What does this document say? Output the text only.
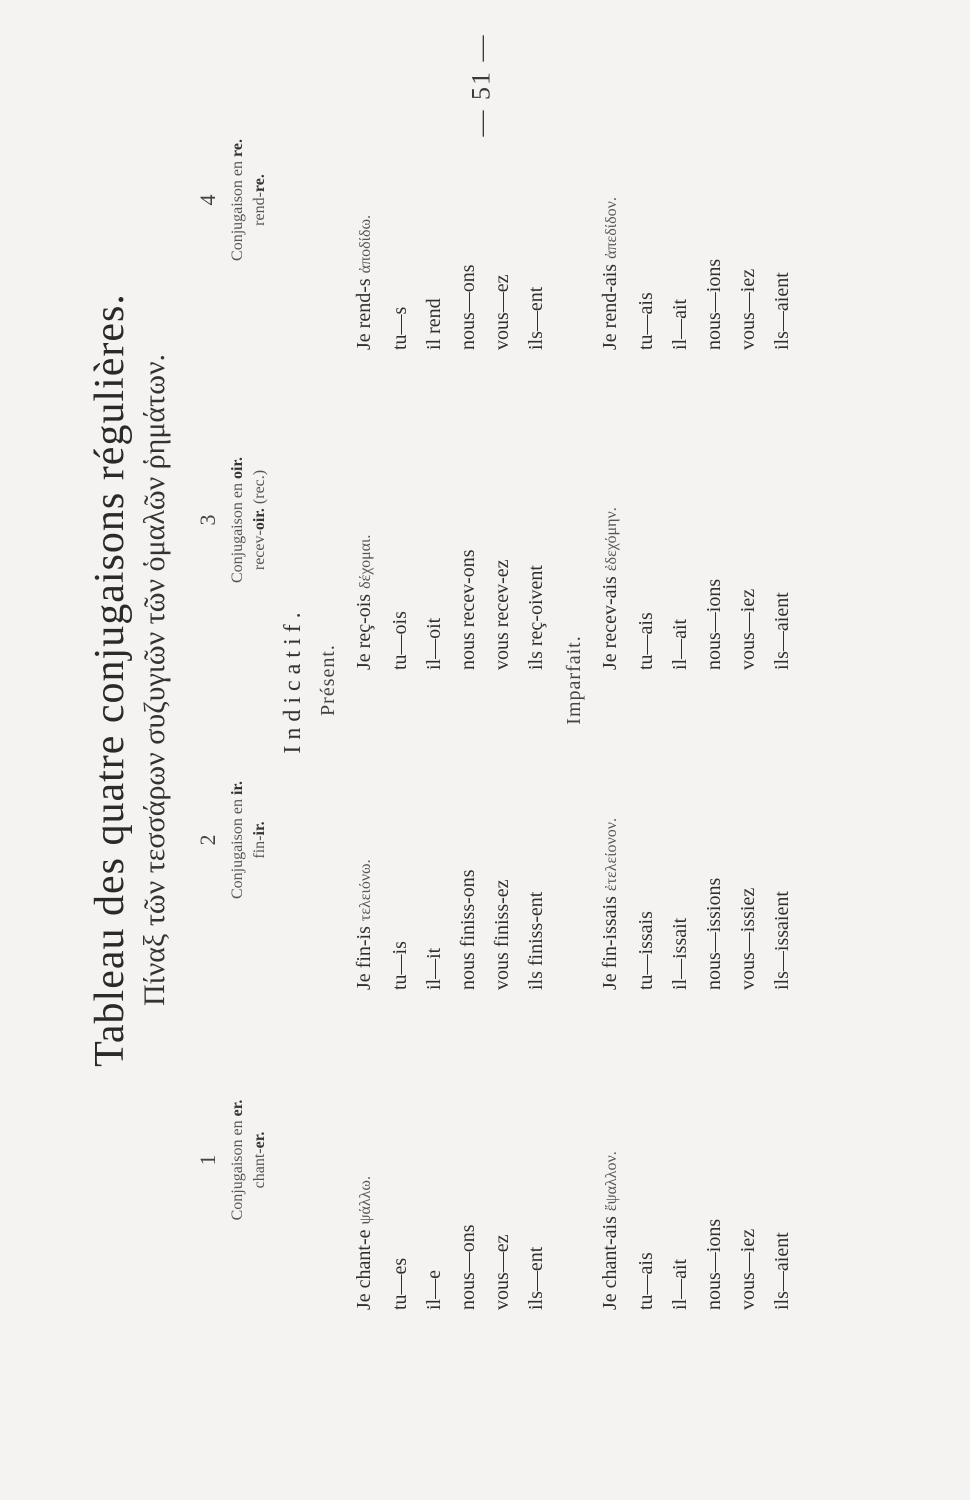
— 51 —
Tableau des quatre conjugaisons régulières. Πίναξ τῶν τεσσάρων συζυγιῶν τῶν ὁμαλῶν ῥημάτων.
1 Conjugaison en er.
chant-er.
2 Conjugaison en ir.
fin-ir.
3 Conjugaison en oir.
recev-oir. (rec.)
4 Conjugaison en re.
rend-re.
Indicatif. Présent.
Je chant-e ψάλλω.
tu—es il—e nous—ons vous—ez ils—ent
Je fin-is τελειόνω.
tu—is il—it nous finiss-ons vous finiss-ez ils finiss-ent
Je reç-ois δέχομαι.
tu—ois il—oit nous recev-ons vous recev-ez ils reç-oivent
Je rend-s ἀποδίδω.
tu—s il rend nous—ons vous—ez ils—ent
Imparfait.
Je chant-ais ἔψαλλον.
tu—ais il—ait nous—ions vous—iez ils—aient
Je fin-issais ἐτελείονον.
tu—issais il—issait nous—issions vous—issiez ils—issaient
Je recev-ais ἐδεχόμην.
tu—ais il—ait nous—ions vous—iez ils—aient
Je rend-ais ἀπεδίδον.
tu—ais il—ait nous—ions vous—iez ils—aient
